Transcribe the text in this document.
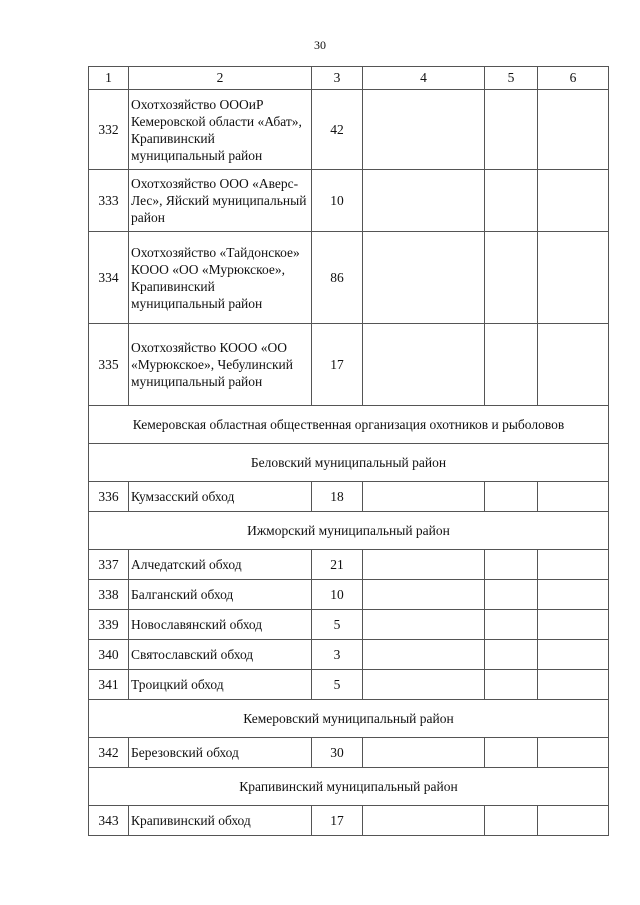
30
1	2	3	4	5	6
332	Охотхозяйство ОООиР Кемеровской области «Абат», Крапивинский муниципальный район	42			
333	Охотхозяйство ООО «Аверс-Лес», Яйский муниципальный район	10			
334	Охотхозяйство «Тайдонское» КООО «ОО «Мурюкское», Крапивинский муниципальный район	86			
335	Охотхозяйство КООО «ОО «Мурюкское», Чебулинский муниципальный район	17			
Кемеровская областная общественная организация охотников и рыболовов					
Беловский муниципальный район					
336	Кумзасский обход	18			
Ижморский муниципальный район					
337	Алчедатский обход	21			
338	Балганский обход	10			
339	Новославянский обход	5			
340	Святославский обход	3			
341	Троицкий обход	5			
Кемеровский муниципальный район					
342	Березовский обход	30			
Крапивинский муниципальный район					
343	Крапивинский обход	17			
